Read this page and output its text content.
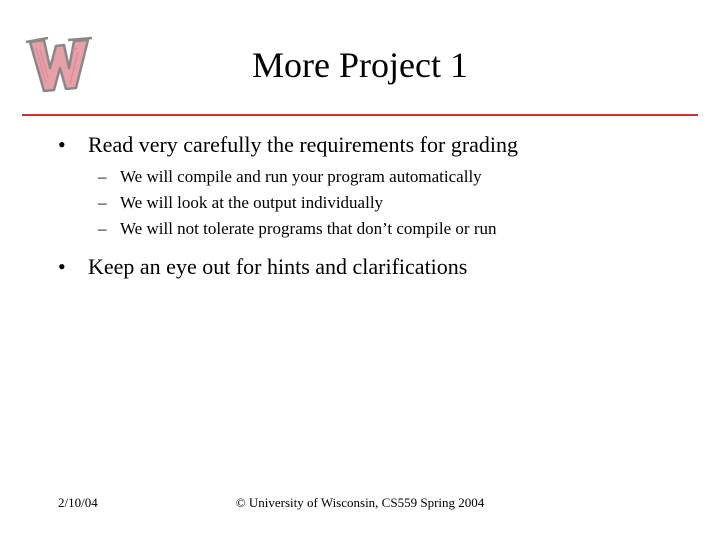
More Project 1
•	Read very carefully the requirements for grading
– We will compile and run your program automatically
– We will look at the output individually
– We will not tolerate programs that don’t compile or run
•	Keep an eye out for hints and clarifications
2/10/04	© University of Wisconsin, CS559 Spring 2004
